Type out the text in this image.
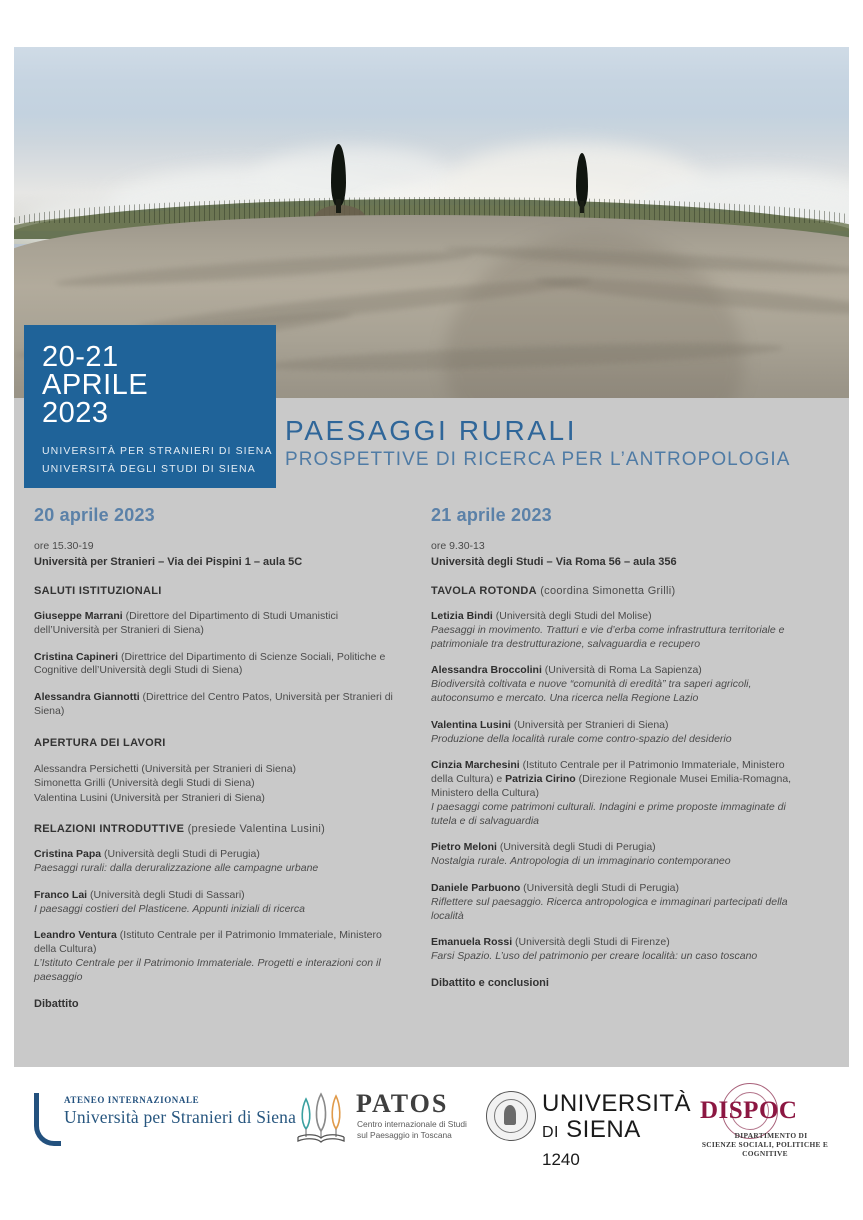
20-21
APRILE
2023
UNIVERSITÀ PER STRANIERI DI SIENA
UNIVERSITÀ DEGLI STUDI DI SIENA
PAESAGGI RURALI
PROSPETTIVE DI RICERCA PER L’ANTROPOLOGIA
20 aprile 2023
ore 15.30-19
Università per Stranieri – Via dei Pispini 1 – aula 5C
SALUTI ISTITUZIONALI
Giuseppe Marrani (Direttore del Dipartimento di Studi Umanistici dell’Università per Stranieri di Siena)
Cristina Capineri (Direttrice del Dipartimento di Scienze Sociali, Politiche e Cognitive dell’Università degli Studi di Siena)
Alessandra Giannotti (Direttrice del Centro Patos, Università per Stranieri di Siena)
APERTURA DEI LAVORI
Alessandra Persichetti (Università per Stranieri di Siena)
Simonetta Grilli (Università degli Studi di Siena)
Valentina Lusini (Università per Stranieri di Siena)
RELAZIONI INTRODUTTIVE (presiede Valentina Lusini)
Cristina Papa (Università degli Studi di Perugia)
Paesaggi rurali: dalla deruralizzazione alle campagne urbane
Franco Lai (Università degli Studi di Sassari)
I paesaggi costieri del Plasticene. Appunti iniziali di ricerca
Leandro Ventura (Istituto Centrale per il Patrimonio Immateriale, Ministero della Cultura)
L’Istituto Centrale per il Patrimonio Immateriale. Progetti e interazioni con il paesaggio
Dibattito
21 aprile 2023
ore 9.30-13
Università degli Studi – Via Roma 56 – aula 356
TAVOLA ROTONDA (coordina Simonetta Grilli)
Letizia Bindi (Università degli Studi del Molise)
Paesaggi in movimento. Tratturi e vie d’erba come infrastruttura territoriale e patrimoniale tra destrutturazione, salvaguardia e recupero
Alessandra Broccolini (Università di Roma La Sapienza)
Biodiversità coltivata e nuove “comunità di eredità” tra saperi agricoli, autoconsumo e mercato. Una ricerca nella Regione Lazio
Valentina Lusini (Università per Stranieri di Siena)
Produzione della località rurale come contro-spazio del desiderio
Cinzia Marchesini (Istituto Centrale per il Patrimonio Immateriale, Ministero della Cultura) e Patrizia Cirino (Direzione Regionale Musei Emilia-Romagna, Ministero della Cultura)
I paesaggi come patrimoni culturali. Indagini e prime proposte immaginate di tutela e di salvaguardia
Pietro Meloni (Università degli Studi di Perugia)
Nostalgia rurale. Antropologia di un immaginario contemporaneo
Daniele Parbuono (Università degli Studi di Perugia)
Riflettere sul paesaggio. Ricerca antropologica e immaginari partecipati della località
Emanuela Rossi (Università degli Studi di Firenze)
Farsi Spazio. L’uso del patrimonio per creare località: un caso toscano
Dibattito e conclusioni
ATENEO INTERNAZIONALE
Università per Stranieri di Siena PATOS
Centro internazionale di Studi
sul Paesaggio in Toscana
UNIVERSITÀ
DI SIENA 1240
DISPOC
DIPARTIMENTO DI
SCIENZE SOCIALI, POLITICHE E COGNITIVE
